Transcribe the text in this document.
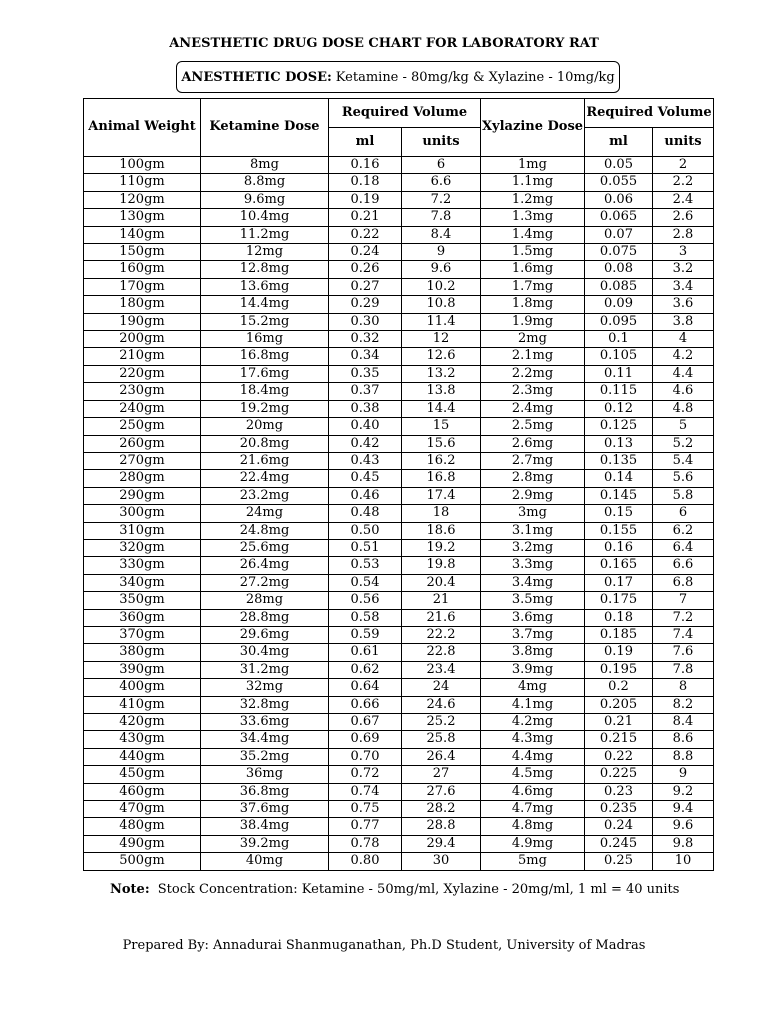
ANESTHETIC DRUG DOSE CHART FOR LABORATORY RAT
ANESTHETIC DOSE: Ketamine - 80mg/kg & Xylazine - 10mg/kg
Animal Weight	Ketamine Dose	Required Volume		Xylazine Dose	Required Volume	
		ml	units		ml	units
100gm	8mg	0.16	6	1mg	0.05	2
110gm	8.8mg	0.18	6.6	1.1mg	0.055	2.2
120gm	9.6mg	0.19	7.2	1.2mg	0.06	2.4
130gm	10.4mg	0.21	7.8	1.3mg	0.065	2.6
140gm	11.2mg	0.22	8.4	1.4mg	0.07	2.8
150gm	12mg	0.24	9	1.5mg	0.075	3
160gm	12.8mg	0.26	9.6	1.6mg	0.08	3.2
170gm	13.6mg	0.27	10.2	1.7mg	0.085	3.4
180gm	14.4mg	0.29	10.8	1.8mg	0.09	3.6
190gm	15.2mg	0.30	11.4	1.9mg	0.095	3.8
200gm	16mg	0.32	12	2mg	0.1	4
210gm	16.8mg	0.34	12.6	2.1mg	0.105	4.2
220gm	17.6mg	0.35	13.2	2.2mg	0.11	4.4
230gm	18.4mg	0.37	13.8	2.3mg	0.115	4.6
240gm	19.2mg	0.38	14.4	2.4mg	0.12	4.8
250gm	20mg	0.40	15	2.5mg	0.125	5
260gm	20.8mg	0.42	15.6	2.6mg	0.13	5.2
270gm	21.6mg	0.43	16.2	2.7mg	0.135	5.4
280gm	22.4mg	0.45	16.8	2.8mg	0.14	5.6
290gm	23.2mg	0.46	17.4	2.9mg	0.145	5.8
300gm	24mg	0.48	18	3mg	0.15	6
310gm	24.8mg	0.50	18.6	3.1mg	0.155	6.2
320gm	25.6mg	0.51	19.2	3.2mg	0.16	6.4
330gm	26.4mg	0.53	19.8	3.3mg	0.165	6.6
340gm	27.2mg	0.54	20.4	3.4mg	0.17	6.8
350gm	28mg	0.56	21	3.5mg	0.175	7
360gm	28.8mg	0.58	21.6	3.6mg	0.18	7.2
370gm	29.6mg	0.59	22.2	3.7mg	0.185	7.4
380gm	30.4mg	0.61	22.8	3.8mg	0.19	7.6
390gm	31.2mg	0.62	23.4	3.9mg	0.195	7.8
400gm	32mg	0.64	24	4mg	0.2	8
410gm	32.8mg	0.66	24.6	4.1mg	0.205	8.2
420gm	33.6mg	0.67	25.2	4.2mg	0.21	8.4
430gm	34.4mg	0.69	25.8	4.3mg	0.215	8.6
440gm	35.2mg	0.70	26.4	4.4mg	0.22	8.8
450gm	36mg	0.72	27	4.5mg	0.225	9
460gm	36.8mg	0.74	27.6	4.6mg	0.23	9.2
470gm	37.6mg	0.75	28.2	4.7mg	0.235	9.4
480gm	38.4mg	0.77	28.8	4.8mg	0.24	9.6
490gm	39.2mg	0.78	29.4	4.9mg	0.245	9.8
500gm	40mg	0.80	30	5mg	0.25	10
Note: Stock Concentration: Ketamine - 50mg/ml, Xylazine - 20mg/ml, 1 ml = 40 units
Prepared By: Annadurai Shanmuganathan, Ph.D Student, University of Madras
